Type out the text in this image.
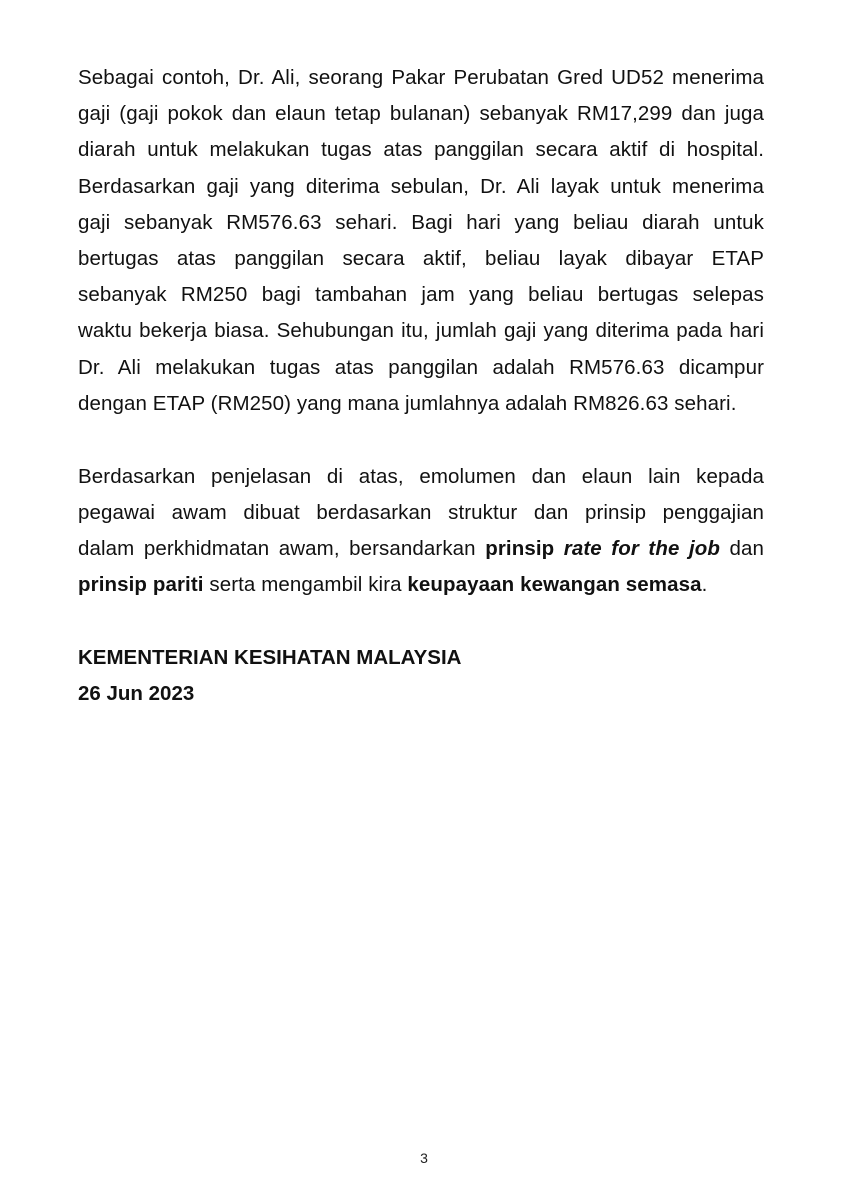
Sebagai contoh, Dr. Ali, seorang Pakar Perubatan Gred UD52 menerima
gaji (gaji pokok dan elaun tetap bulanan) sebanyak RM17,299 dan juga
diarah untuk melakukan tugas atas panggilan secara aktif di hospital.
Berdasarkan gaji yang diterima sebulan, Dr. Ali layak untuk menerima
gaji sebanyak RM576.63 sehari. Bagi hari yang beliau diarah untuk
bertugas atas panggilan secara aktif, beliau layak dibayar ETAP
sebanyak RM250 bagi tambahan jam yang beliau bertugas selepas
waktu bekerja biasa. Sehubungan itu, jumlah gaji yang diterima pada hari
Dr. Ali melakukan tugas atas panggilan adalah RM576.63 dicampur
dengan ETAP (RM250) yang mana jumlahnya adalah RM826.63 sehari.
Berdasarkan penjelasan di atas, emolumen dan elaun lain kepada
pegawai awam dibuat berdasarkan struktur dan prinsip penggajian
dalam perkhidmatan awam, bersandarkan prinsip rate for the job dan
prinsip pariti serta mengambil kira keupayaan kewangan semasa.
KEMENTERIAN KESIHATAN MALAYSIA
26 Jun 2023
3
